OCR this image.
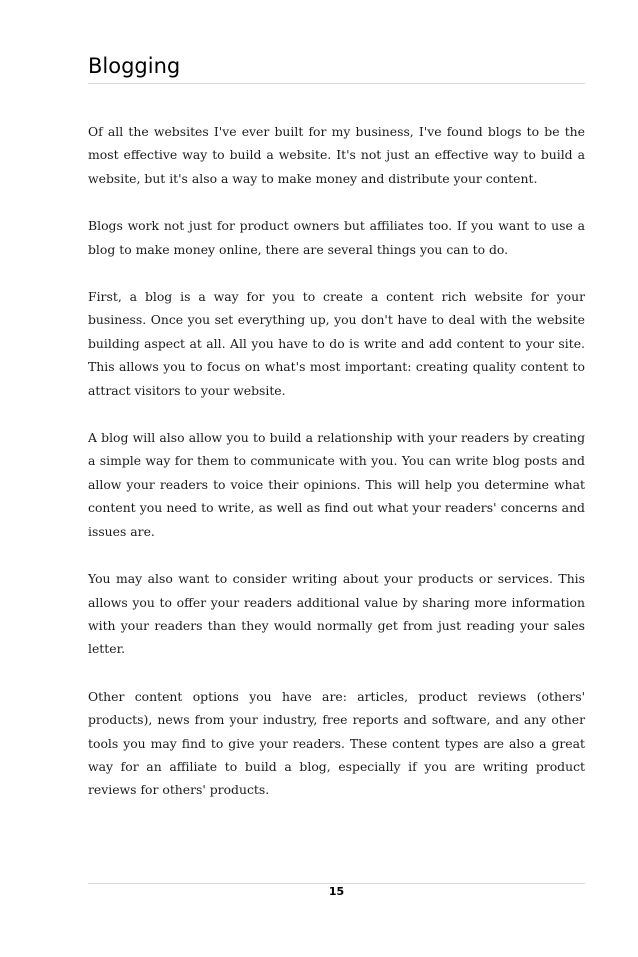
Blogging

Of all the websites I've ever built for my business, I've found blogs to be the most effective way to build a website. It's not just an effective way to build a website, but it's also a way to make money and distribute your content.

Blogs work not just for product owners but affiliates too. If you want to use a blog to make money online, there are several things you can to do.

First, a blog is a way for you to create a content rich website for your business. Once you set everything up, you don't have to deal with the website building aspect at all. All you have to do is write and add content to your site. This allows you to focus on what's most important: creating quality content to attract visitors to your website.

A blog will also allow you to build a relationship with your readers by creating a simple way for them to communicate with you. You can write blog posts and allow your readers to voice their opinions. This will help you determine what content you need to write, as well as find out what your readers' concerns and issues are.

You may also want to consider writing about your products or services. This allows you to offer your readers additional value by sharing more information with your readers than they would normally get from just reading your sales letter.

Other content options you have are: articles, product reviews (others' products), news from your industry, free reports and software, and any other tools you may find to give your readers. These content types are also a great way for an affiliate to build a blog, especially if you are writing product reviews for others' products.

15
